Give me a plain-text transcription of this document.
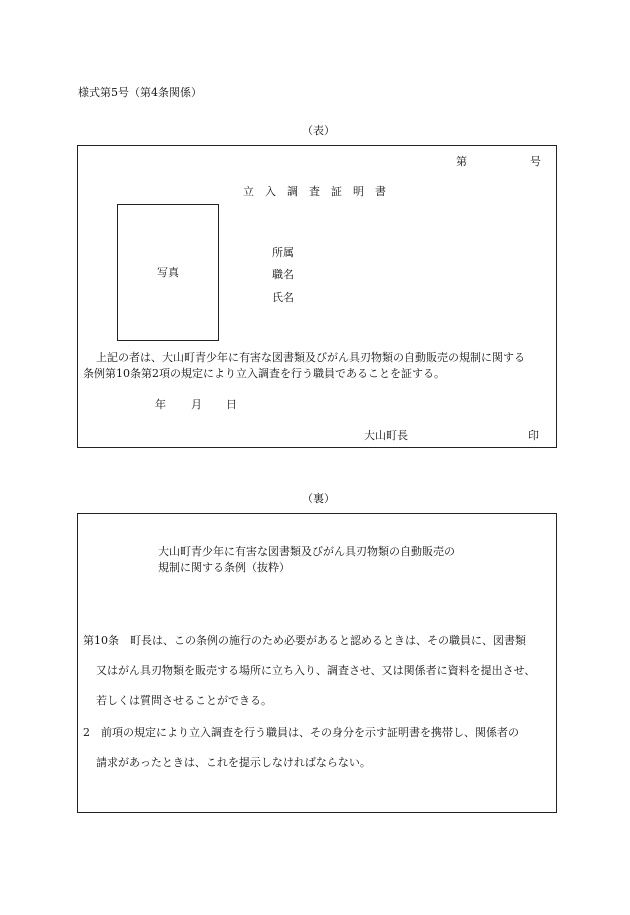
様式第5号（第4条関係）
（表）
第	号
立入調査証明書
写真
所属
職名
氏名
上記の者は、大山町青少年に有害な図書類及びがん具刃物類の自動販売の規制に関する
条例第10条第2項の規定により立入調査を行う職員であることを証する。
年 月 日
大山町長	印
（裏）
大山町青少年に有害な図書類及びがん具刃物類の自動販売の
規制に関する条例（抜粋）
第10条　町長は、この条例の施行のため必要があると認めるときは、その職員に、図書類
又はがん具刃物類を販売する場所に立ち入り、調査させ、又は関係者に資料を提出させ、
若しくは質問させることができる。
2　前項の規定により立入調査を行う職員は、その身分を示す証明書を携帯し、関係者の
請求があったときは、これを提示しなければならない。
